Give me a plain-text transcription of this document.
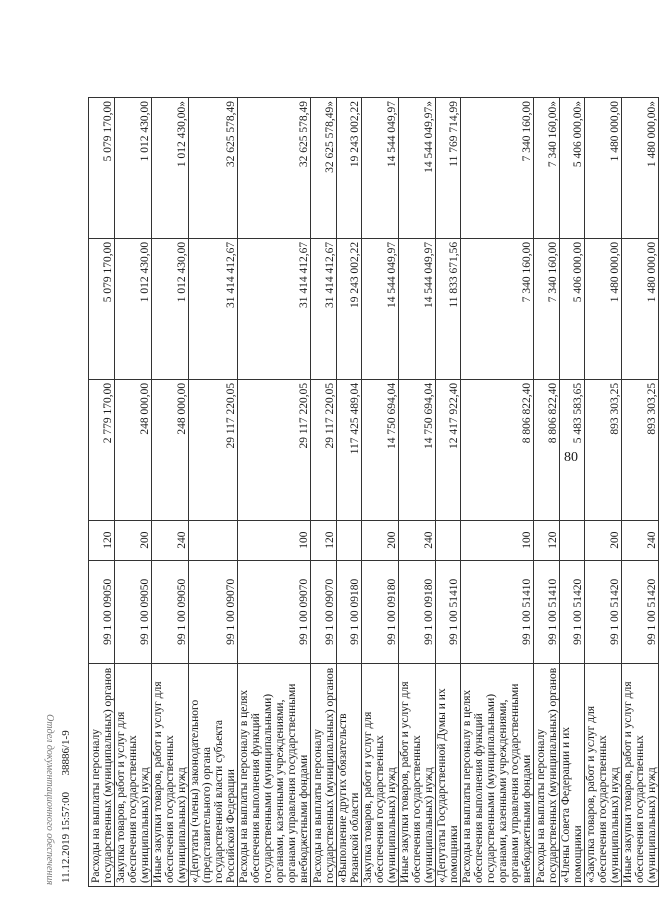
Отдел документационного обеспечения 11.12.2019 15:57:00      38886/1-9 Расходы на выплаты персоналу государственных (муниципальных) органов	99 1 00 09050	120	2 779 170,00	5 079 170,00	5 079 170,00
Закупка товаров, работ и услуг для обеспечения государственных (муниципальных) нужд	99 1 00 09050	200	248 000,00	1 012 430,00	1 012 430,00
Иные закупки товаров, работ и услуг для обеспечения государственных (муниципальных) нужд	99 1 00 09050	240	248 000,00	1 012 430,00	1 012 430,00»
«Депутаты (члены) законодательного (представительного) органа государственной власти субъекта Российской Федерации	99 1 00 09070		29 117 220,05	31 414 412,67	32 625 578,49
Расходы на выплаты персоналу в целях обеспечения выполнения функций государственными (муниципальными) органами, казенными учреждениями, органами управления государственными внебюджетными фондами	99 1 00 09070	100	29 117 220,05	31 414 412,67	32 625 578,49
Расходы на выплаты персоналу государственных (муниципальных) органов	99 1 00 09070	120	29 117 220,05	31 414 412,67	32 625 578,49»
«Выполнение других обязательств Рязанской области	99 1 00 09180		117 425 489,04	19 243 002,22	19 243 002,22
Закупка товаров, работ и услуг для обеспечения государственных (муниципальных) нужд	99 1 00 09180	200	14 750 694,04	14 544 049,97	14 544 049,97
Иные закупки товаров, работ и услуг для обеспечения государственных (муниципальных) нужд	99 1 00 09180	240	14 750 694,04	14 544 049,97	14 544 049,97»
«Депутаты Государственной Думы и их помощники	99 1 00 51410		12 417 922,40	11 833 671,56	11 769 714,99
Расходы на выплаты персоналу в целях обеспечения выполнения функций государственными (муниципальными) органами, казенными учреждениями, органами управления государственными внебюджетными фондами	99 1 00 51410	100	8 806 822,40	7 340 160,00	7 340 160,00
Расходы на выплаты персоналу государственных (муниципальных) органов	99 1 00 51410	120	8 806 822,40	7 340 160,00	7 340 160,00»
«Члены Совета Федерации и их помощники	99 1 00 51420		5 483 583,65	5 406 000,00	5 406 000,00»
«Закупка товаров, работ и услуг для обеспечения государственных (муниципальных) нужд	99 1 00 51420	200	893 303,25	1 480 000,00	1 480 000,00
Иные закупки товаров, работ и услуг для обеспечения государственных (муниципальных) нужд	99 1 00 51420	240	893 303,25	1 480 000,00	1 480 000,00»
80
